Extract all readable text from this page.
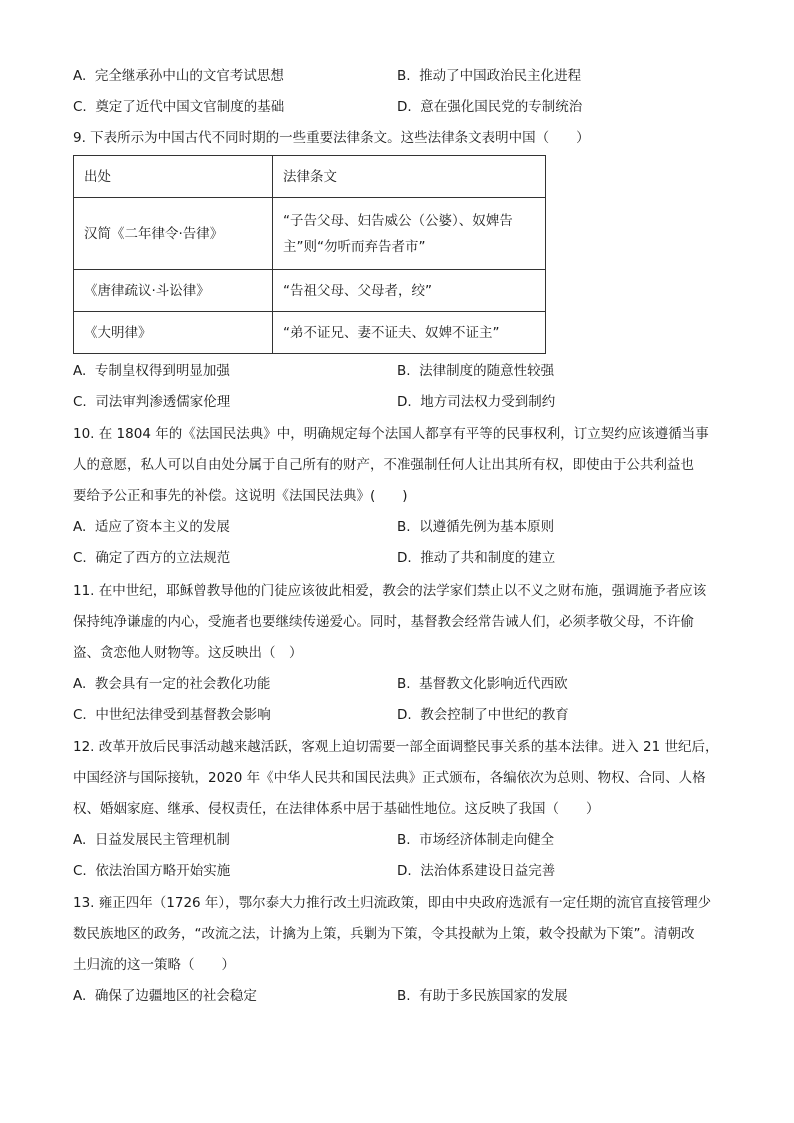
A. 完全继承孙中山的文官考试思想	B. 推动了中国政治民主化进程
C. 奠定了近代中国文官制度的基础	D. 意在强化国民党的专制统治
9. 下表所示为中国古代不同时期的一些重要法律条文。这些法律条文表明中国（　　）
出处	法律条文
汉简《二年律令·告律》	“子告父母、妇告威公（公婆）、奴婢告
主”则“勿听而弃告者市”

《唐律疏议·斗讼律》	“告祖父母、父母者，绞”
《大明律》	“弟不证兄、妻不证夫、奴婢不证主”
A. 专制皇权得到明显加强	B. 法律制度的随意性较强
C. 司法审判渗透儒家伦理	D. 地方司法权力受到制约
10. 在 1804 年的《法国民法典》中，明确规定每个法国人都享有平等的民事权利，订立契约应该遵循当事
人的意愿，私人可以自由处分属于自己所有的财产，不准强制任何人让出其所有权，即使由于公共利益也
要给予公正和事先的补偿。这说明《法国民法典》(　　)
A. 适应了资本主义的发展	B. 以遵循先例为基本原则
C. 确定了西方的立法规范	D. 推动了共和制度的建立
11. 在中世纪，耶稣曾教导他的门徒应该彼此相爱，教会的法学家们禁止以不义之财布施，强调施予者应该
保持纯净谦虚的内心，受施者也要继续传递爱心。同时，基督教会经常告诫人们，必须孝敬父母，不许偷
盗、贪恋他人财物等。这反映出（　）
A. 教会具有一定的社会教化功能	B. 基督教文化影响近代西欧
C. 中世纪法律受到基督教会影响	D. 教会控制了中世纪的教育
12. 改革开放后民事活动越来越活跃，客观上迫切需要一部全面调整民事关系的基本法律。进入 21 世纪后，
中国经济与国际接轨，2020 年《中华人民共和国民法典》正式颁布，各编依次为总则、物权、合同、人格
权、婚姻家庭、继承、侵权责任，在法律体系中居于基础性地位。这反映了我国（　　）
A. 日益发展民主管理机制	B. 市场经济体制走向健全
C. 依法治国方略开始实施	D. 法治体系建设日益完善
13. 雍正四年（1726 年），鄂尔泰大力推行改土归流政策，即由中央政府选派有一定任期的流官直接管理少
数民族地区的政务，“改流之法，计擒为上策，兵剿为下策，令其投献为上策，敕令投献为下策”。清朝改
土归流的这一策略（　　）
A. 确保了边疆地区的社会稳定	B. 有助于多民族国家的发展
